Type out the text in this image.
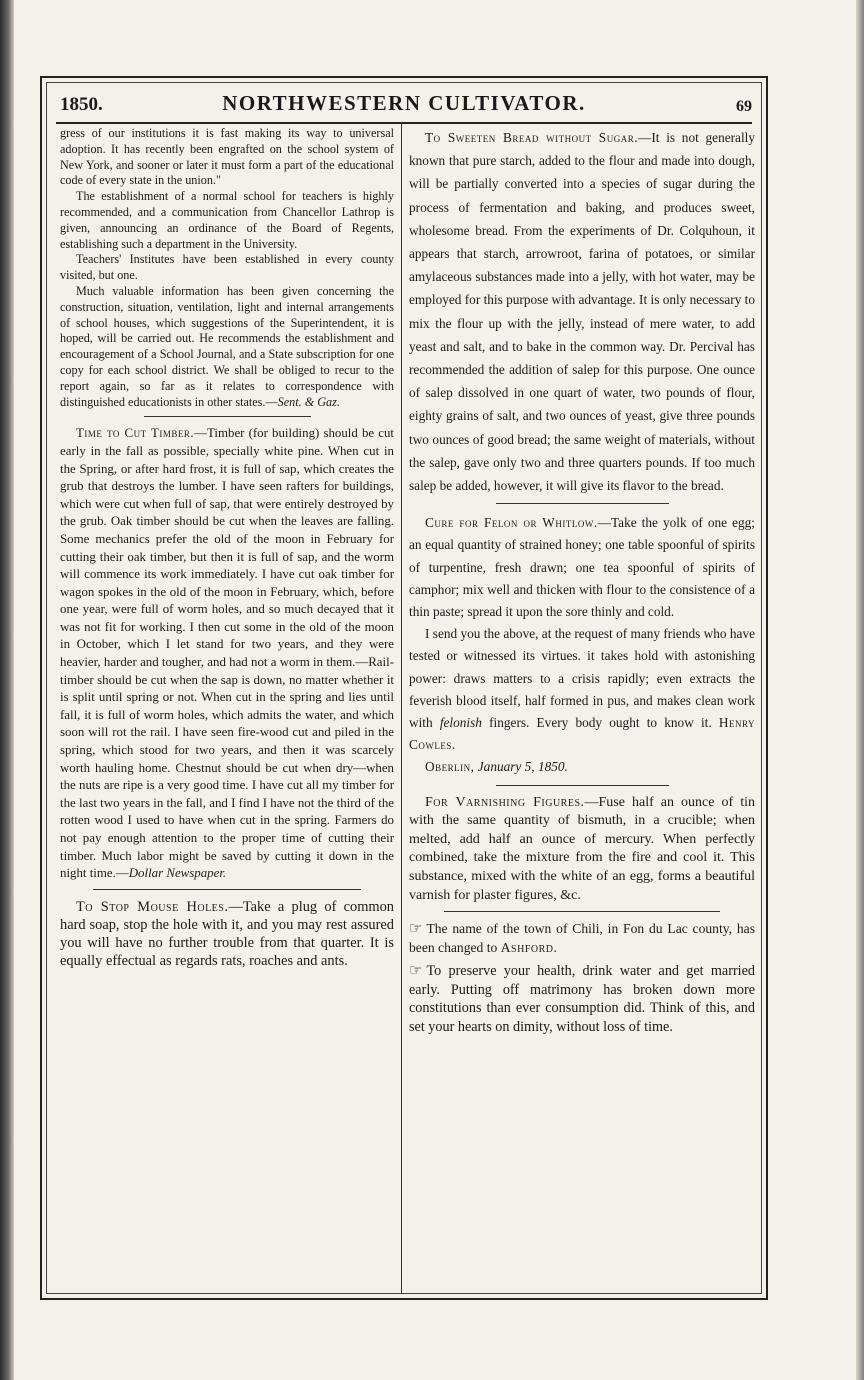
1850.	NORTHWESTERN CULTIVATOR.	69

gress of our institutions it is fast making its way to universal adoption. It has recently been engrafted on the school system of New York, and sooner or later it must form a part of the educational code of every state in the union."

The establishment of a normal school for teachers is highly recommended, and a communication from Chancellor Lathrop is given, announcing an ordinance of the Board of Regents, establishing such a department in the University.

Teachers' Institutes have been established in every county visited, but one.

Much valuable information has been given concerning the construction, situation, ventilation, light and internal arrangements of school houses, which suggestions of the Superintendent, it is hoped, will be carried out. He recommends the establishment and encouragement of a School Journal, and a State subscription for one copy for each school district. We shall be obliged to recur to the report again, so far as it relates to correspondence with distinguished educationists in other states.—Sent. & Gaz.

Time to Cut Timber.—Timber (for building) should be cut early in the fall as possible, specially white pine. When cut in the Spring, or after hard frost, it is full of sap, which creates the grub that destroys the lumber. I have seen rafters for buildings, which were cut when full of sap, that were entirely destroyed by the grub. Oak timber should be cut when the leaves are falling. Some mechanics prefer the old of the moon in February for cutting their oak timber, but then it is full of sap, and the worm will commence its work immediately. I have cut oak timber for wagon spokes in the old of the moon in February, which, before one year, were full of worm holes, and so much decayed that it was not fit for working. I then cut some in the old of the moon in October, which I let stand for two years, and they were heavier, harder and tougher, and had not a worm in them.—Rail-timber should be cut when the sap is down, no matter whether it is split until spring or not. When cut in the spring and lies until fall, it is full of worm holes, which admits the water, and which soon will rot the rail. I have seen fire-wood cut and piled in the spring, which stood for two years, and then it was scarcely worth hauling home. Chestnut should be cut when dry—when the nuts are ripe is a very good time. I have cut all my timber for the last two years in the fall, and I find I have not the third of the rotten wood I used to have when cut in the spring. Farmers do not pay enough attention to the proper time of cutting their timber. Much labor might be saved by cutting it down in the night time.—Dollar Newspaper.

To Stop Mouse Holes.—Take a plug of common hard soap, stop the hole with it, and you may rest assured you will have no further trouble from that quarter. It is equally effectual as regards rats, roaches and ants.

To Sweeten Bread without Sugar.—It is not generally known that pure starch, added to the flour and made into dough, will be partially converted into a species of sugar during the process of fermentation and baking, and produces sweet, wholesome bread. From the experiments of Dr. Colquhoun, it appears that starch, arrowroot, farina of potatoes, or similar amylaceous substances made into a jelly, with hot water, may be employed for this purpose with advantage. It is only necessary to mix the flour up with the jelly, instead of mere water, to add yeast and salt, and to bake in the common way. Dr. Percival has recommended the addition of salep for this purpose. One ounce of salep dissolved in one quart of water, two pounds of flour, eighty grains of salt, and two ounces of yeast, give three pounds two ounces of good bread; the same weight of materials, without the salep, gave only two and three quarters pounds. If too much salep be added, however, it will give its flavor to the bread.

Cure for Felon or Whitlow.—Take the yolk of one egg; an equal quantity of strained honey; one table spoonful of spirits of turpentine, fresh drawn; one tea spoonful of spirits of camphor; mix well and thicken with flour to the consistence of a thin paste; spread it upon the sore thinly and cold.

I send you the above, at the request of many friends who have tested or witnessed its virtues. it takes hold with astonishing power: draws matters to a crisis rapidly; even extracts the feverish blood itself, half formed in pus, and makes clean work with felonish fingers. Every body ought to know it. Henry Cowles.

Oberlin, January 5, 1850.

For Varnishing Figures.—Fuse half an ounce of tin with the same quantity of bismuth, in a crucible; when melted, add half an ounce of mercury. When perfectly combined, take the mixture from the fire and cool it. This substance, mixed with the white of an egg, forms a beautiful varnish for plaster figures, &c.

☞ The name of the town of Chili, in Fon du Lac county, has been changed to Ashford.

☞ To preserve your health, drink water and get married early. Putting off matrimony has broken down more constitutions than ever consumption did. Think of this, and set your hearts on dimity, without loss of time.
